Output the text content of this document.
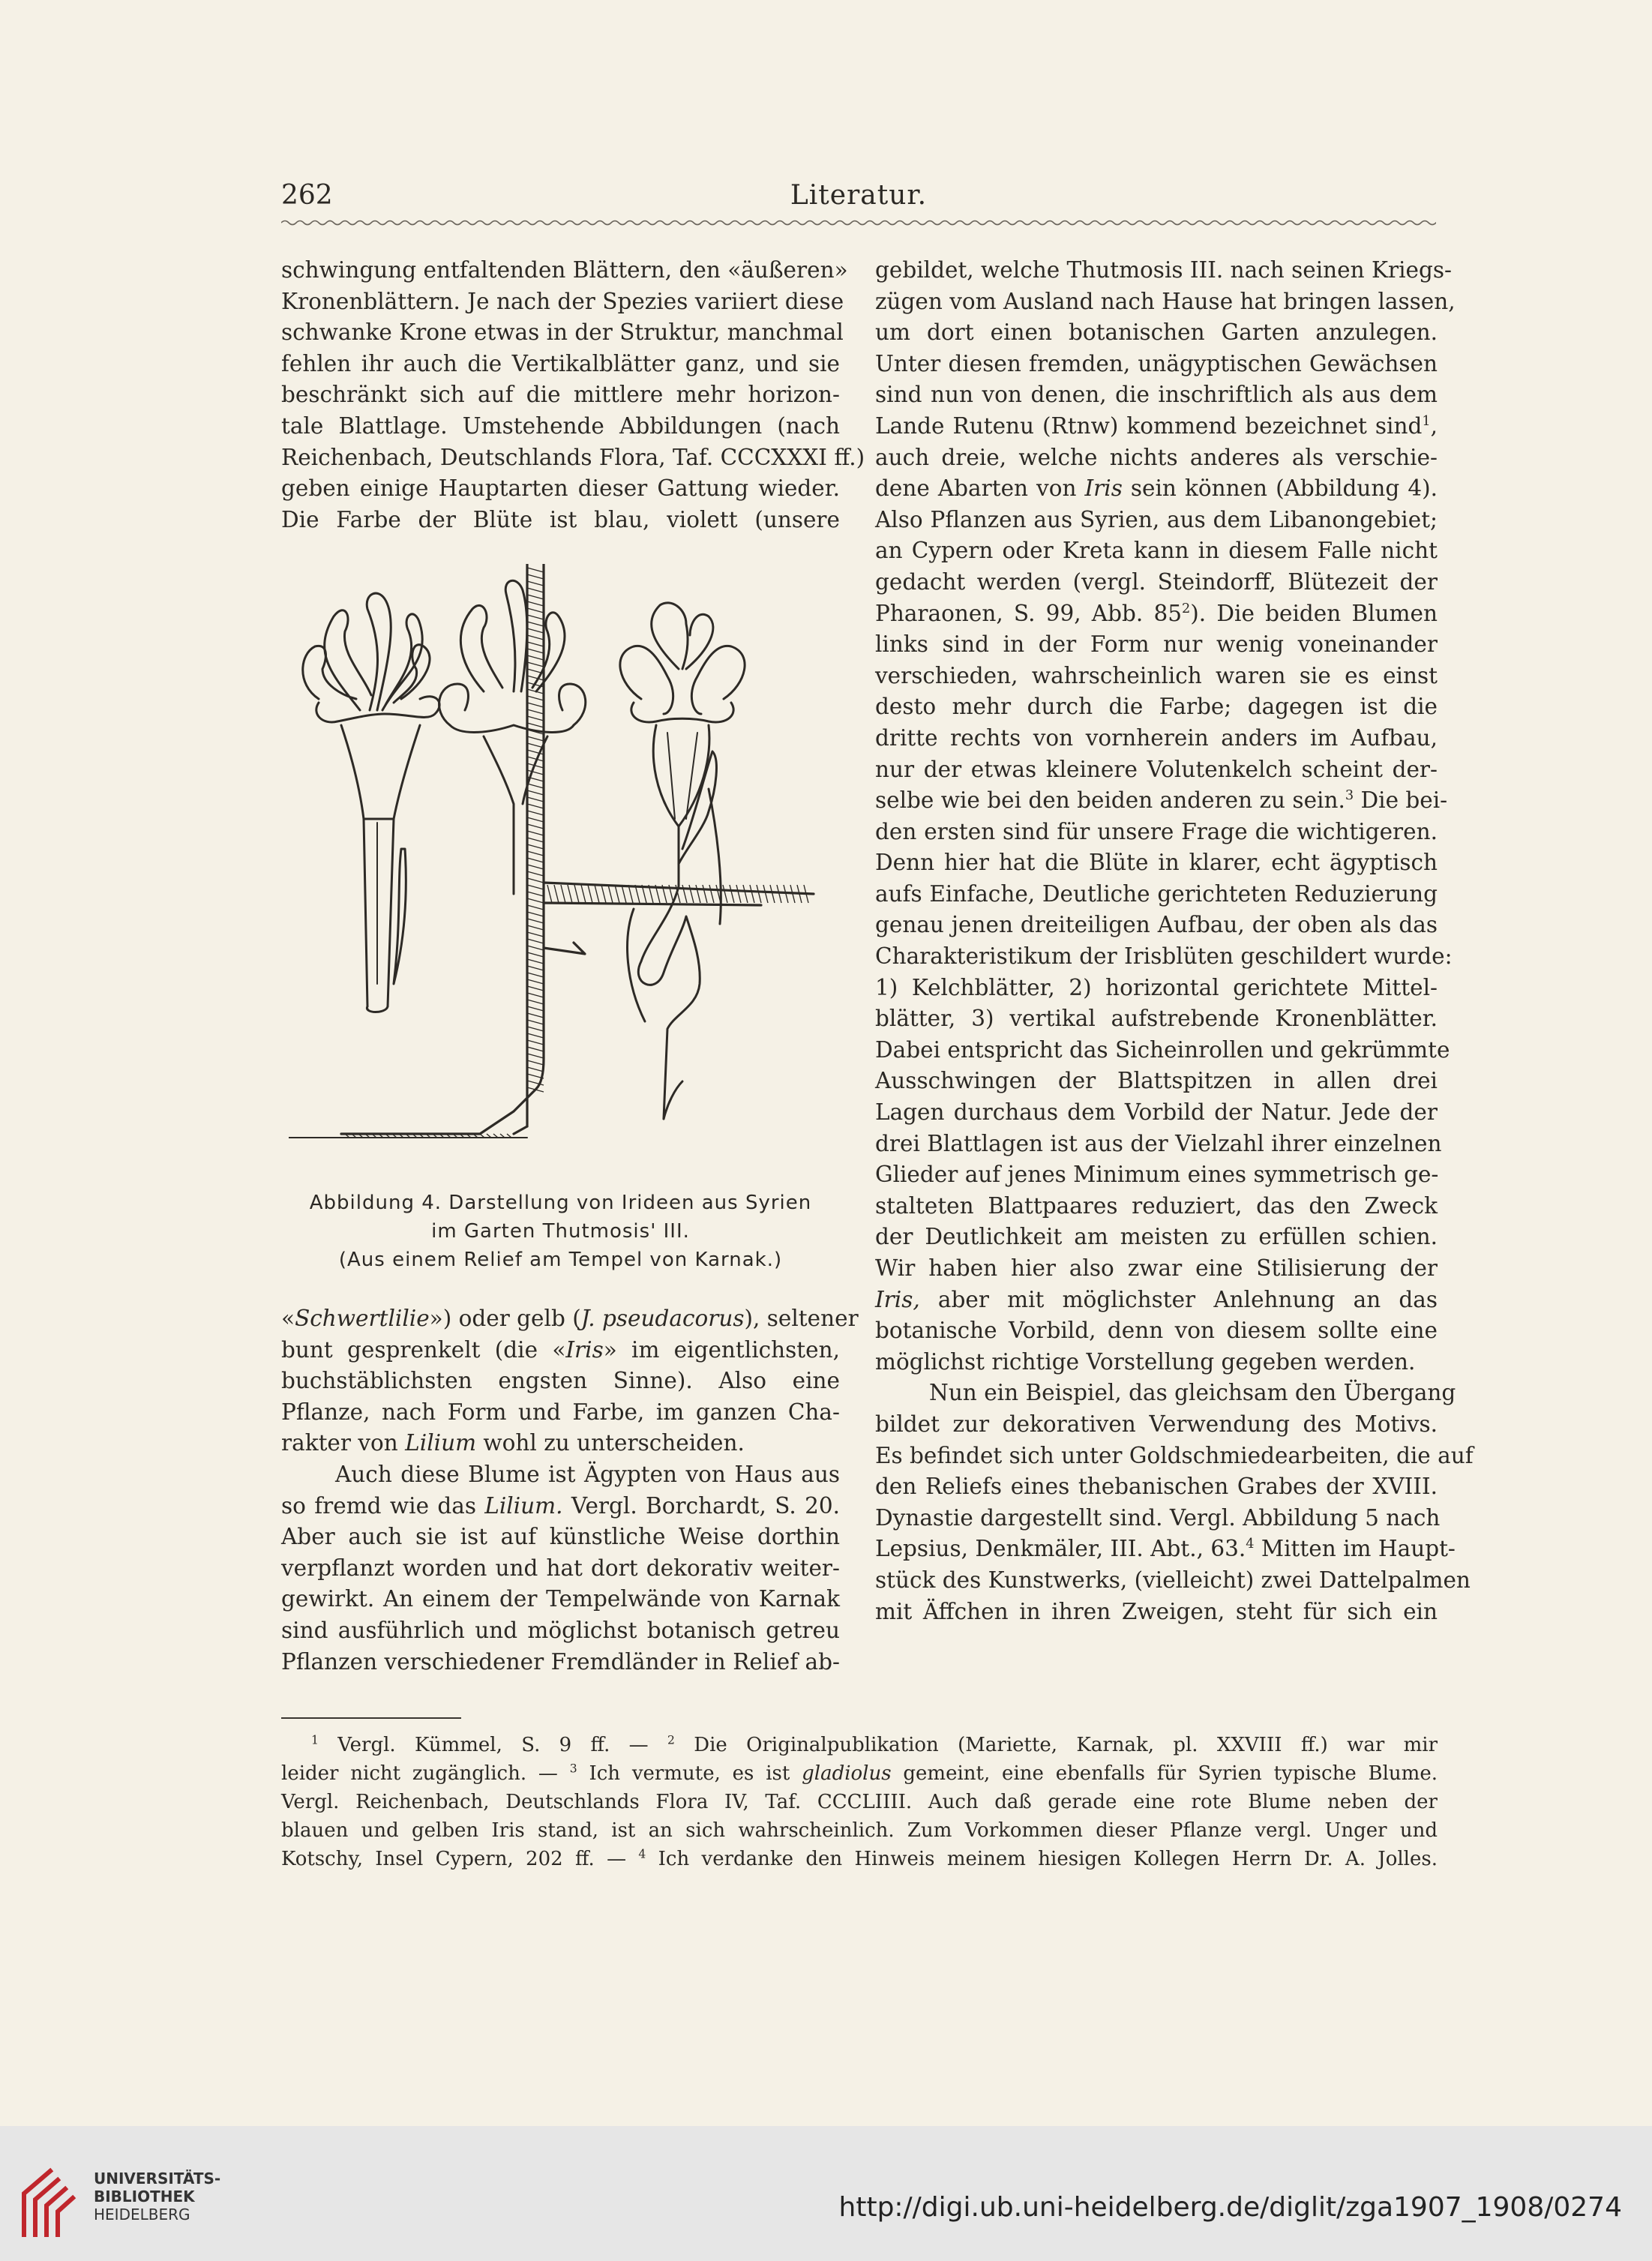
262	Literatur.
schwingung entfaltenden Blättern, den «äußeren»
Kronenblättern. Je nach der Spezies variiert diese
schwanke Krone etwas in der Struktur, manchmal
fehlen ihr auch die Vertikalblätter ganz, und sie
beschränkt sich auf die mittlere mehr horizon-
tale Blattlage. Umstehende Abbildungen (nach
Reichenbach, Deutschlands Flora, Taf. CCCXXXI ff.)
geben einige Hauptarten dieser Gattung wieder.
Die Farbe der Blüte ist blau, violett (unsere
Abbildung 4. Darstellung von Irideen aus Syrien
im Garten Thutmosis' III.
(Aus einem Relief am Tempel von Karnak.)
«Schwertlilie») oder gelb (J. pseudacorus), seltener
bunt gesprenkelt (die «Iris» im eigentlichsten,
buchstäblichsten engsten Sinne). Also eine
Pflanze, nach Form und Farbe, im ganzen Cha-
rakter von Lilium wohl zu unterscheiden.
Auch diese Blume ist Ägypten von Haus aus
so fremd wie das Lilium. Vergl. Borchardt, S. 20.
Aber auch sie ist auf künstliche Weise dorthin
verpflanzt worden und hat dort dekorativ weiter-
gewirkt. An einem der Tempelwände von Karnak
sind ausführlich und möglichst botanisch getreu
Pflanzen verschiedener Fremdländer in Relief ab-
gebildet, welche Thutmosis III. nach seinen Kriegs-
zügen vom Ausland nach Hause hat bringen lassen,
um dort einen botanischen Garten anzulegen.
Unter diesen fremden, unägyptischen Gewächsen
sind nun von denen, die inschriftlich als aus dem
Lande Rutenu (Rtnw) kommend bezeichnet sind$^1$,
auch dreie, welche nichts anderes als verschie-
dene Abarten von Iris sein können (Abbildung 4).
Also Pflanzen aus Syrien, aus dem Libanongebiet;
an Cypern oder Kreta kann in diesem Falle nicht
gedacht werden (vergl. Steindorff, Blütezeit der
Pharaonen, S. 99, Abb. $85^2$). Die beiden Blumen
links sind in der Form nur wenig voneinander
verschieden, wahrscheinlich waren sie es einst
desto mehr durch die Farbe; dagegen ist die
dritte rechts von vornherein anders im Aufbau,
nur der etwas kleinere Volutenkelch scheint der-
selbe wie bei den beiden anderen zu sein.$^3$ Die bei-
den ersten sind für unsere Frage die wichtigeren.
Denn hier hat die Blüte in klarer, echt ägyptisch
aufs Einfache, Deutliche gerichteten Reduzierung
genau jenen dreiteiligen Aufbau, der oben als das
Charakteristikum der Irisblüten geschildert wurde:
1) Kelchblätter, 2) horizontal gerichtete Mittel-
blätter, 3) vertikal aufstrebende Kronenblätter.
Dabei entspricht das Sicheinrollen und gekrümmte
Ausschwingen der Blattspitzen in allen drei
Lagen durchaus dem Vorbild der Natur. Jede der
drei Blattlagen ist aus der Vielzahl ihrer einzelnen
Glieder auf jenes Minimum eines symmetrisch ge-
stalteten Blattpaares reduziert, das den Zweck
der Deutlichkeit am meisten zu erfüllen schien.
Wir haben hier also zwar eine Stilisierung der
Iris, aber mit möglichster Anlehnung an das
botanische Vorbild, denn von diesem sollte eine
möglichst richtige Vorstellung gegeben werden.
Nun ein Beispiel, das gleichsam den Übergang
bildet zur dekorativen Verwendung des Motivs.
Es befindet sich unter Goldschmiedearbeiten, die auf
den Reliefs eines thebanischen Grabes der XVIII.
Dynastie dargestellt sind. Vergl. Abbildung 5 nach
Lepsius, Denkmäler, III. Abt., 63.$^4$ Mitten im Haupt-
stück des Kunstwerks, (vielleicht) zwei Dattelpalmen
mit Äffchen in ihren Zweigen, steht für sich ein
$^1$ Vergl. Kümmel, S. 9 ff. — $^2$ Die Originalpublikation (Mariette, Karnak, pl. XXVIII ff.) war mir
leider nicht zugänglich. — $^3$ Ich vermute, es ist gladiolus gemeint, eine ebenfalls für Syrien typische Blume.
Vergl. Reichenbach, Deutschlands Flora IV, Taf. CCCLIIII. Auch daß gerade eine rote Blume neben der
blauen und gelben Iris stand, ist an sich wahrscheinlich. Zum Vorkommen dieser Pflanze vergl. Unger und
Kotschy, Insel Cypern, 202 ff. — $^4$ Ich verdanke den Hinweis meinem hiesigen Kollegen Herrn Dr. A. Jolles.
UNIVERSITÄTS-
BIBLIOTHEK
HEIDELBERG	http://digi.ub.uni-heidelberg.de/diglit/zga1907_1908/0274
